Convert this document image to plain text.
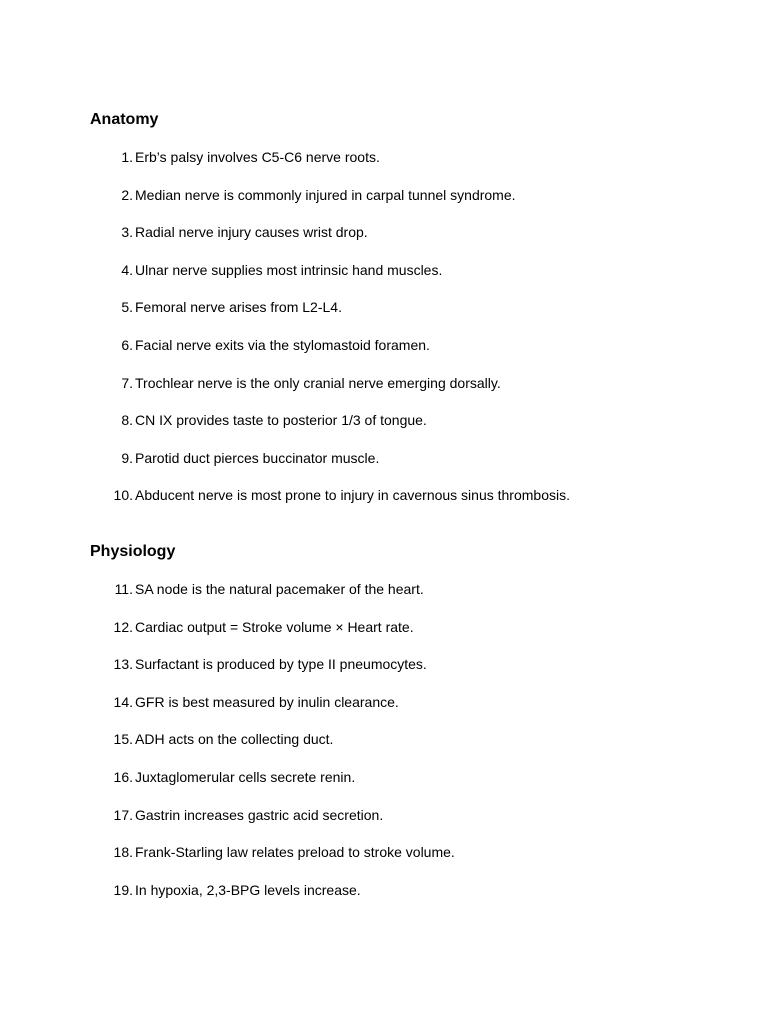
Anatomy
1. Erb’s palsy involves C5-C6 nerve roots.
2. Median nerve is commonly injured in carpal tunnel syndrome.
3. Radial nerve injury causes wrist drop.
4. Ulnar nerve supplies most intrinsic hand muscles.
5. Femoral nerve arises from L2-L4.
6. Facial nerve exits via the stylomastoid foramen.
7. Trochlear nerve is the only cranial nerve emerging dorsally.
8. CN IX provides taste to posterior 1/3 of tongue.
9. Parotid duct pierces buccinator muscle.
10. Abducent nerve is most prone to injury in cavernous sinus thrombosis.
Physiology
11. SA node is the natural pacemaker of the heart.
12. Cardiac output = Stroke volume × Heart rate.
13. Surfactant is produced by type II pneumocytes.
14. GFR is best measured by inulin clearance.
15. ADH acts on the collecting duct.
16. Juxtaglomerular cells secrete renin.
17. Gastrin increases gastric acid secretion.
18. Frank-Starling law relates preload to stroke volume.
19. In hypoxia, 2,3-BPG levels increase.
